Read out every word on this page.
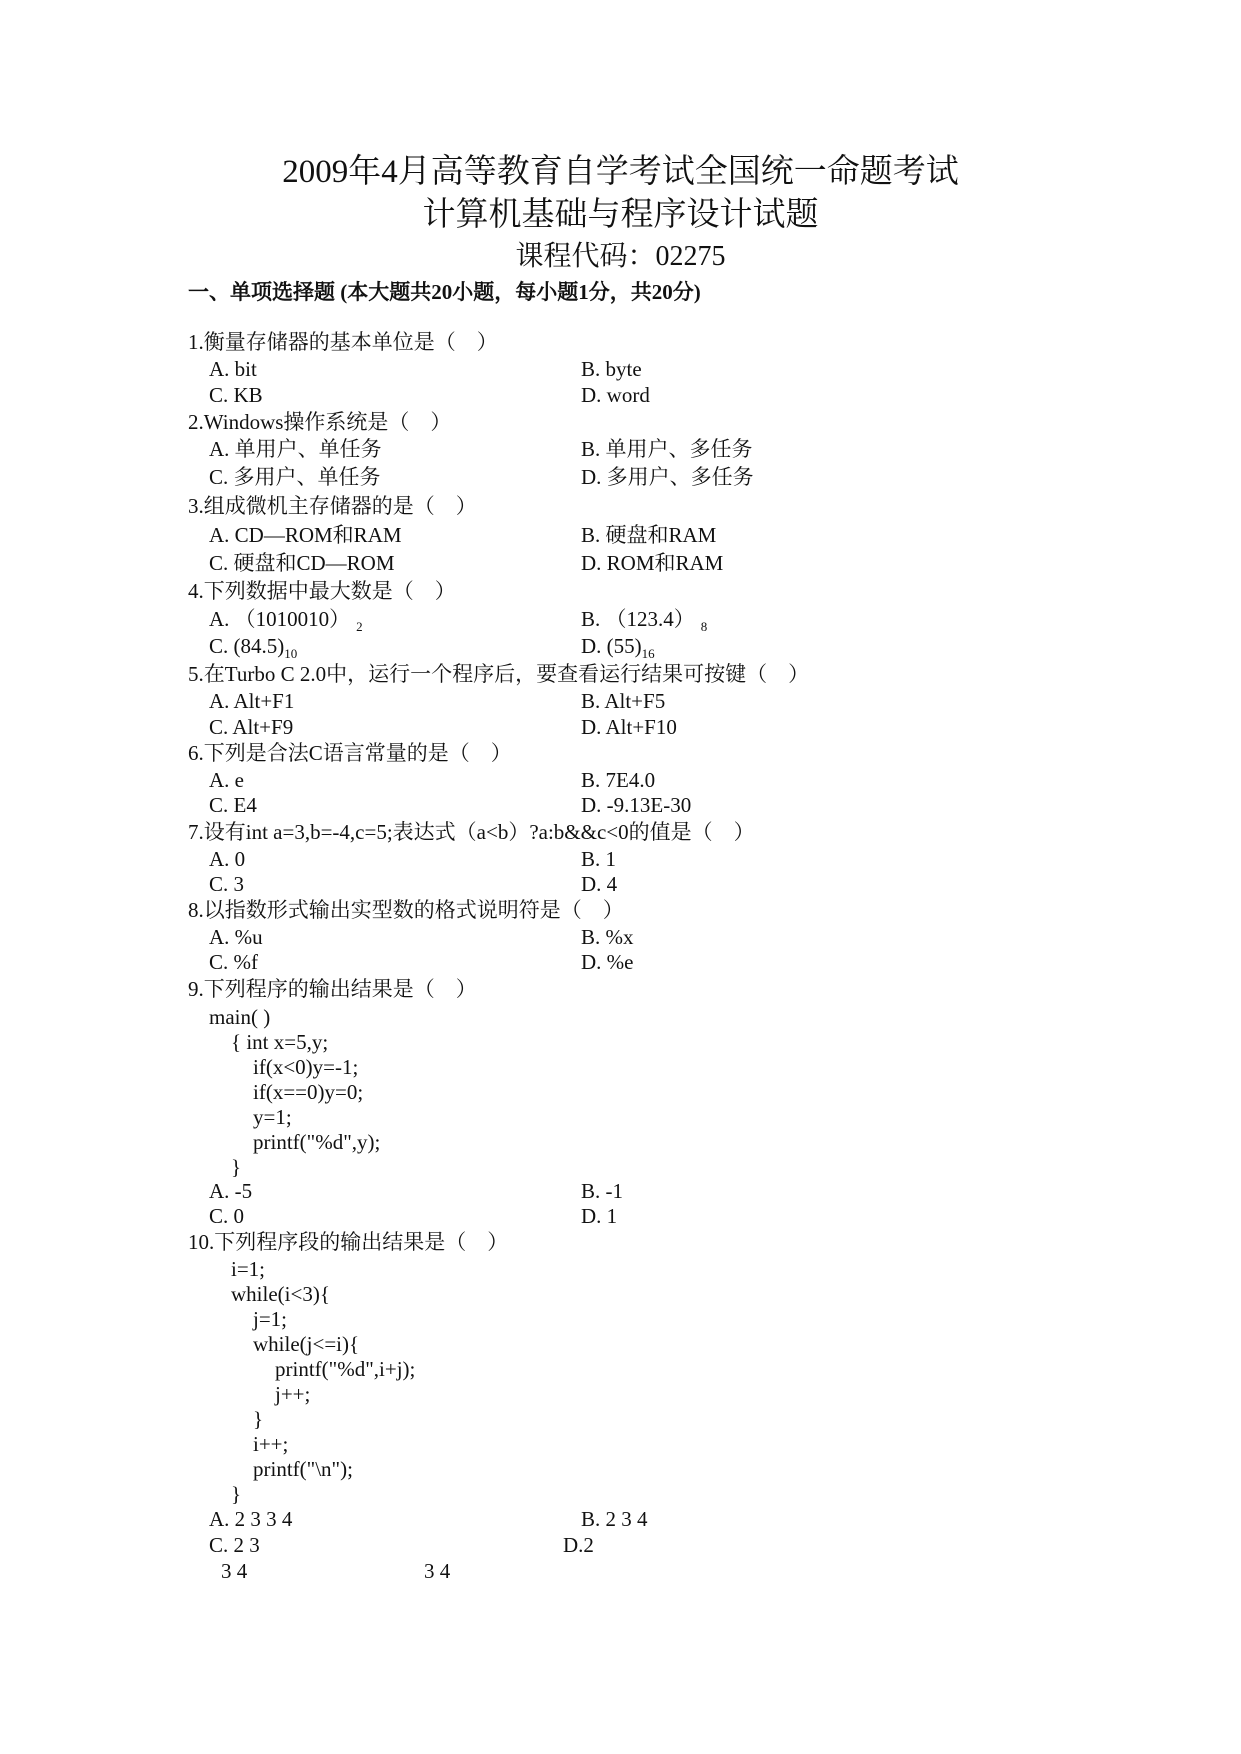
2009年4月高等教育自学考试全国统一命题考试
计算机基础与程序设计试题
课程代码：02275
一、单项选择题 (本大题共20小题，每小题1分，共20分)
1.衡量存储器的基本单位是（　）
A. bit	B. byte
C. KB	D. word
2.Windows操作系统是（　）
A. 单用户、单任务	B. 单用户、多任务
C. 多用户、单任务	D. 多用户、多任务
3.组成微机主存储器的是（　）
A. CD—ROM和RAM	B. 硬盘和RAM
C. 硬盘和CD—ROM	D. ROM和RAM
4.下列数据中最大数是（　）
A. （1010010） $_2$	B. （123.4） $_8$
C. $(84.5)_{10}$	D. $(55)_{16}$
5.在Turbo C 2.0中，运行一个程序后，要查看运行结果可按键（　）
A. Alt+F1	B. Alt+F5
C. Alt+F9	D. Alt+F10
6.下列是合法C语言常量的是（　）
A. e	B. 7E4.0
C. E4	D. -9.13E-30
7.设有int a=3,b=-4,c=5;表达式（a<b）?a:b&&c<0的值是（　）
A. 0	B. 1
C. 3	D. 4
8.以指数形式输出实型数的格式说明符是（　）
A. %u	B. %x
C. %f	D. %e
9.下列程序的输出结果是（　）
main( )
{ int x=5,y;
if(x<0)y=-1;
if(x==0)y=0;
y=1;
printf("%d",y);
}
A. -5	B. -1
C. 0	D. 1
10.下列程序段的输出结果是（　）
i=1;
while(i<3){
j=1;
while(j<=i){
printf("%d",i+j);
j++;
}
i++;
printf("\n");
}
A. 2 3 3 4	B. 2 3 4
C. 2 3	D.2
3 4	3 4
